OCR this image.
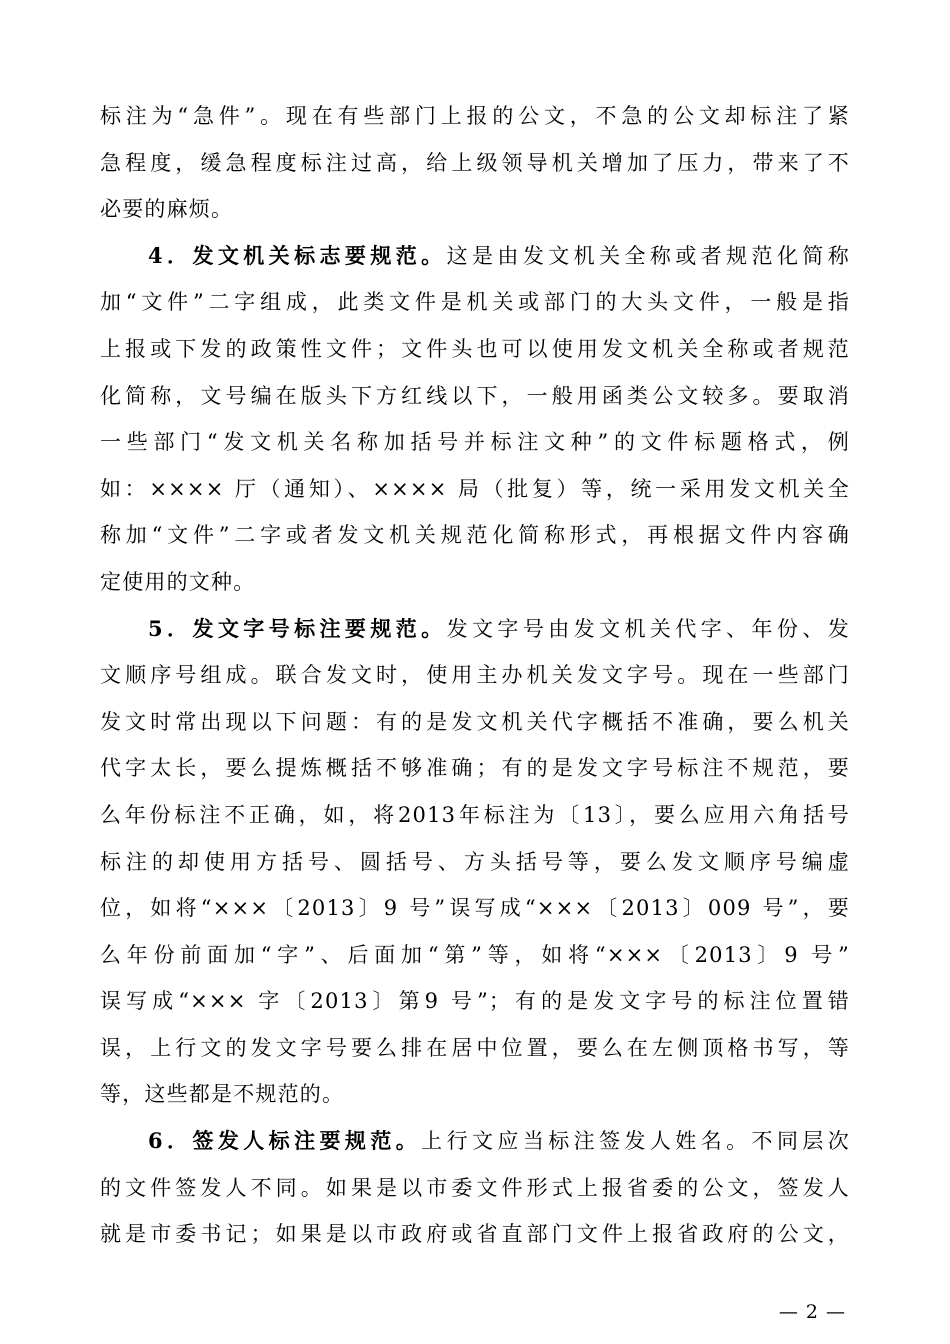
标注为“急件”。现在有些部门上报的公文，不急的公文却标注了紧
急程度，缓急程度标注过高，给上级领导机关增加了压力，带来了不
必要的麻烦。
4．发文机关标志要规范。这是由发文机关全称或者规范化简称
加“文件”二字组成，此类文件是机关或部门的大头文件，一般是指
上报或下发的政策性文件；文件头也可以使用发文机关全称或者规范
化简称，文号编在版头下方红线以下，一般用函类公文较多。要取消
一些部门“发文机关名称加括号并标注文种”的文件标题格式，例
如：×××× 厅（通知）、×××× 局（批复）等，统一采用发文机关全
称加“文件”二字或者发文机关规范化简称形式，再根据文件内容确
定使用的文种。
5．发文字号标注要规范。发文字号由发文机关代字、年份、发
文顺序号组成。联合发文时，使用主办机关发文字号。现在一些部门
发文时常出现以下问题：有的是发文机关代字概括不准确，要么机关
代字太长，要么提炼概括不够准确；有的是发文字号标注不规范，要
么年份标注不正确，如，将2013年标注为〔13〕，要么应用六角括号
标注的却使用方括号、圆括号、方头括号等，要么发文顺序号编虚
位，如将“×××〔2013〕9 号”误写成“×××〔2013〕009 号”，要
么年份前面加“字”、后面加“第”等，如将“×××〔2013〕9 号”
误写成“××× 字〔2013〕第9 号”；有的是发文字号的标注位置错
误，上行文的发文字号要么排在居中位置，要么在左侧顶格书写，等
等，这些都是不规范的。
6．签发人标注要规范。上行文应当标注签发人姓名。不同层次
的文件签发人不同。如果是以市委文件形式上报省委的公文，签发人
就是市委书记；如果是以市政府或省直部门文件上报省政府的公文，
— 2 —
